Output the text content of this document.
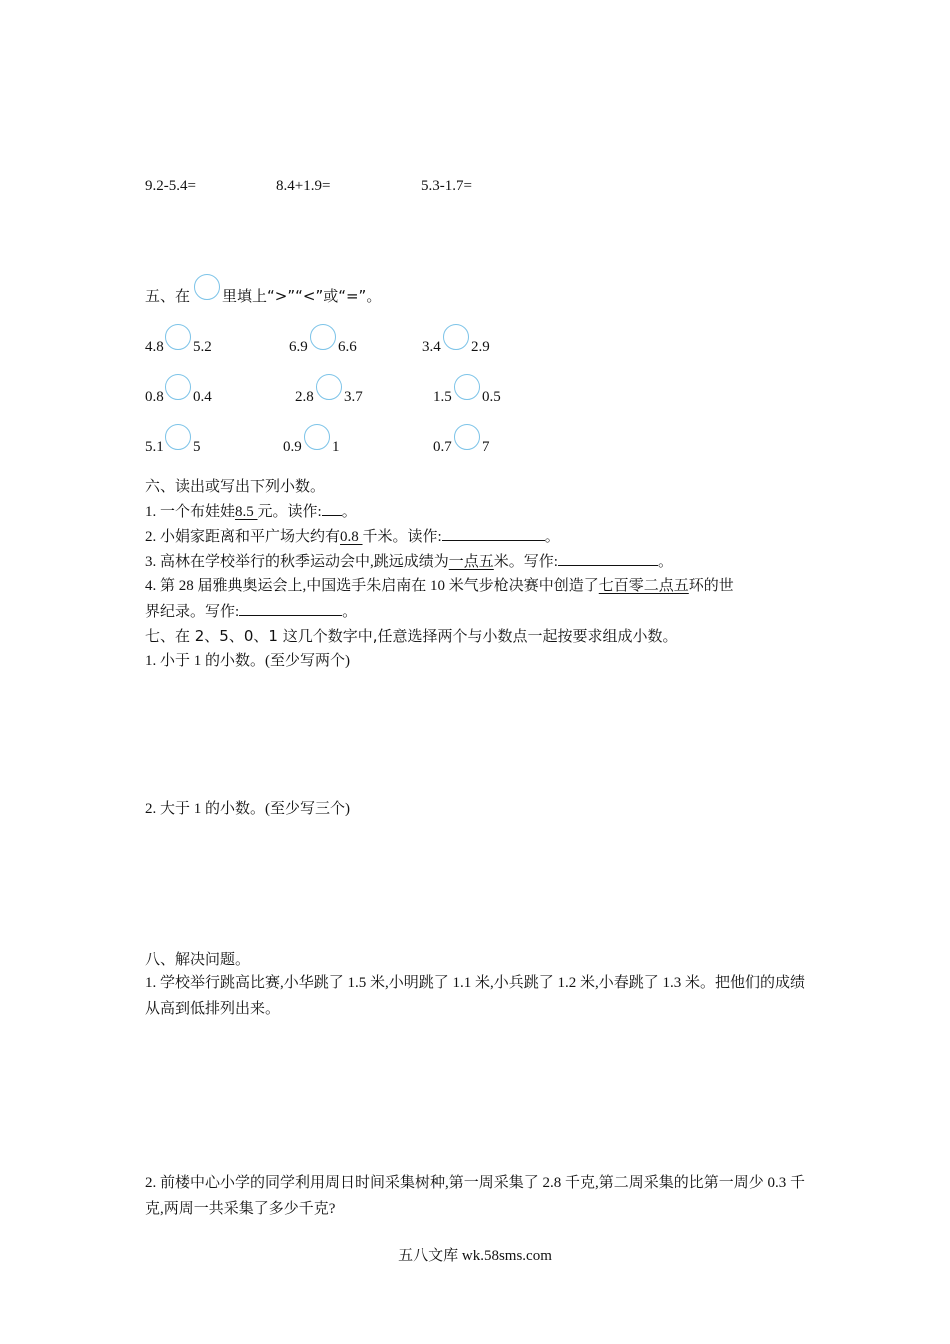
9.2-5.4=	8.4+1.9=	5.3-1.7=
五、在 里填上“>”“<”或“=”。
4.8 5.2	6.9 6.6	3.4 2.9
0.8 0.4	2.8 3.7	1.5 0.5
5.1 5	0.9 1	0.7 7
六、读出或写出下列小数。
1. 一个布娃娃8.5 元。读作: 。
2. 小娟家距离和平广场大约有0.8 千米。读作:	。
3. 高林在学校举行的秋季运动会中,跳远成绩为一点五米。写作:	。
4. 第 28 届雅典奥运会上,中国选手朱启南在 10 米气步枪决赛中创造了七百零二点五环的世
界纪录。写作:	。
七、在 2、5、0、1 这几个数字中,任意选择两个与小数点一起按要求组成小数。
1. 小于 1 的小数。(至少写两个)
2. 大于 1 的小数。(至少写三个)
八、解决问题。
1. 学校举行跳高比赛,小华跳了 1.5 米,小明跳了 1.1 米,小兵跳了 1.2 米,小春跳了 1.3 米。把他们的成绩从高到低排列出来。
2. 前楼中心小学的同学利用周日时间采集树种,第一周采集了 2.8 千克,第二周采集的比第一周少 0.3 千克,两周一共采集了多少千克?
五八文库 wk.58sms.com
